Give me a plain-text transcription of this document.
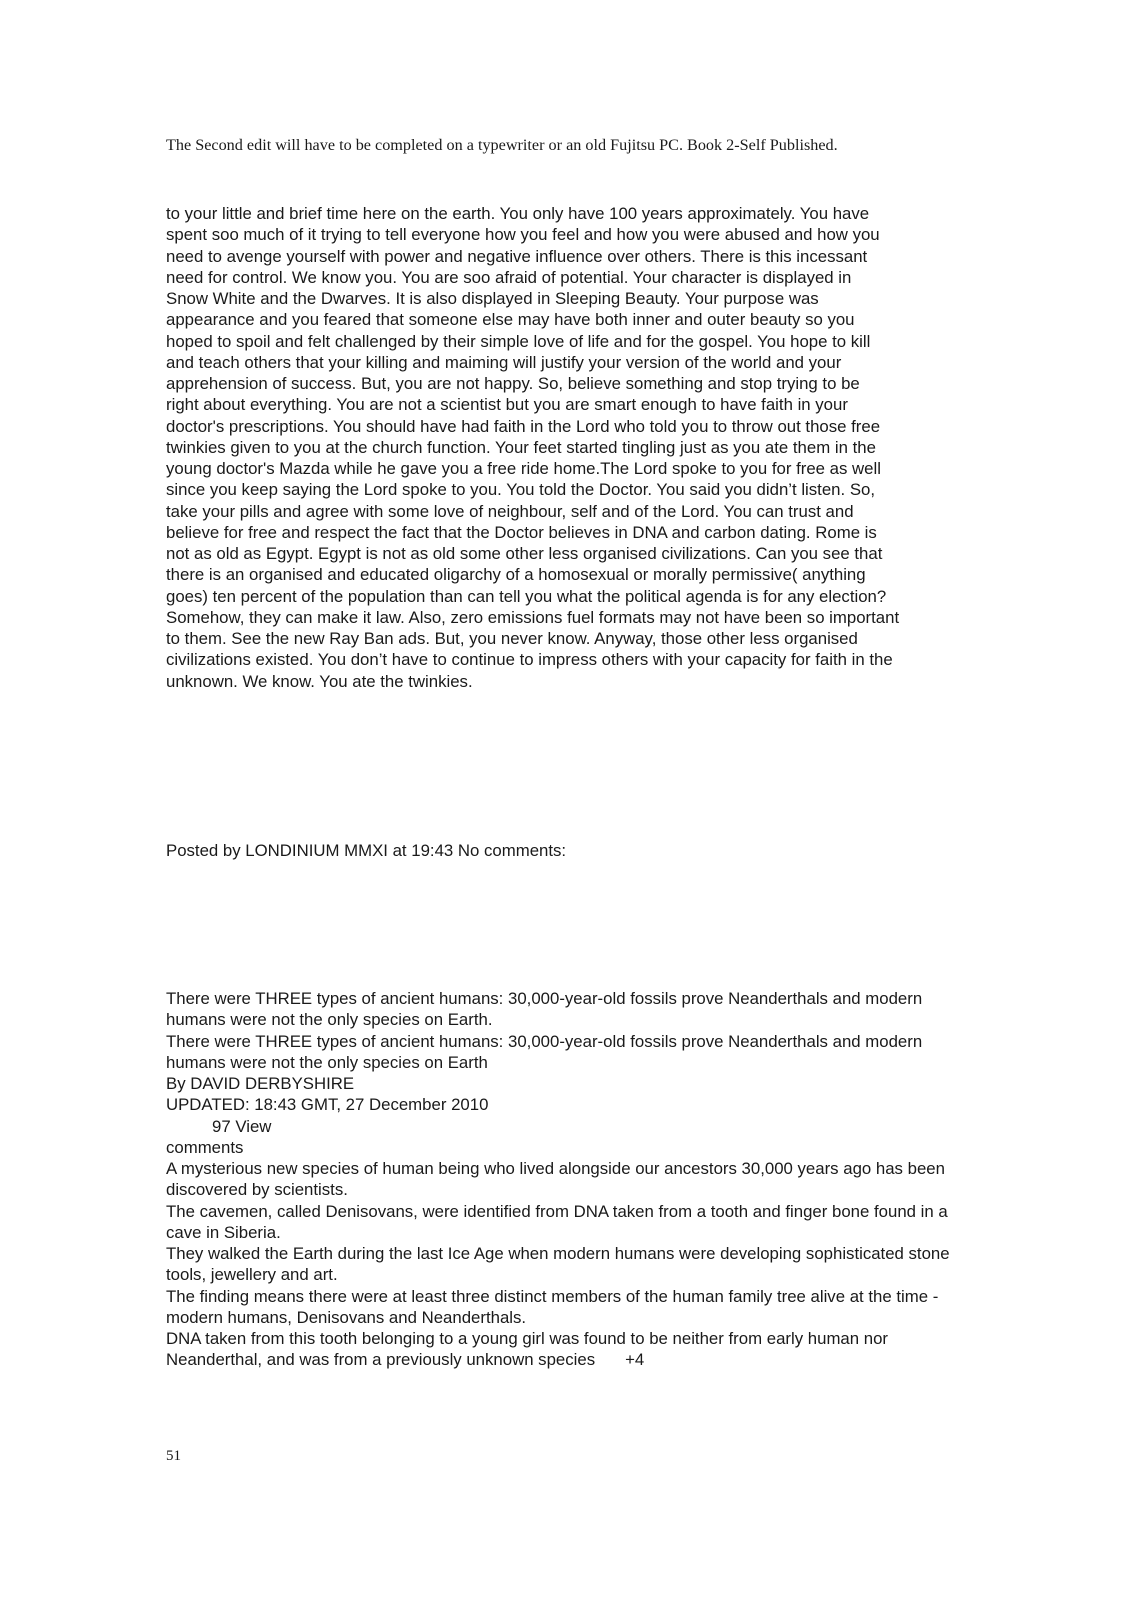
The Second edit will have to be completed on a typewriter or an old Fujitsu PC. Book 2-Self Published.

to your little and brief time here on the earth. You only have 100 years approximately. You have
spent soo much of it trying to tell everyone how you feel and how you were abused and how you
need to avenge yourself with power and negative influence over others. There is this incessant
need for control. We know you. You are soo afraid of potential. Your character is displayed in
Snow White and the Dwarves. It is also displayed in Sleeping Beauty. Your purpose was
appearance and you feared that someone else may have both inner and outer beauty so you
hoped to spoil and felt challenged by their simple love of life and for the gospel. You hope to kill
and teach others that your killing and maiming will justify your version of the world and your
apprehension of success. But, you are not happy. So, believe something and stop trying to be
right about everything. You are not a scientist but you are smart enough to have faith in your
doctor's prescriptions. You should have had faith in the Lord who told you to throw out those free
twinkies given to you at the church function. Your feet started tingling just as you ate them in the
young doctor's Mazda while he gave you a free ride home.The Lord spoke to you for free as well
since you keep saying the Lord spoke to you. You told the Doctor. You said you didn’t listen. So,
take your pills and agree with some love of neighbour, self and of the Lord. You can trust and
believe for free and respect the fact that the Doctor believes in DNA and carbon dating. Rome is
not as old as Egypt. Egypt is not as old some other less organised civilizations. Can you see that
there is an organised and educated oligarchy of a homosexual or morally permissive( anything
goes) ten percent of the population than can tell you what the political agenda is for any election?
Somehow, they can make it law. Also, zero emissions fuel formats may not have been so important
to them. See the new Ray Ban ads. But, you never know. Anyway, those other less organised
civilizations existed. You don’t have to continue to impress others with your capacity for faith in the
unknown. We know. You ate the twinkies.

Posted by LONDINIUM MMXI at 19:43 No comments:

There were THREE types of ancient humans: 30,000-year-old fossils prove Neanderthals and modern humans were not the only species on Earth.
There were THREE types of ancient humans: 30,000-year-old fossils prove Neanderthals and modern humans were not the only species on Earth
By DAVID DERBYSHIRE
UPDATED: 18:43 GMT, 27 December 2010
97 View
comments
A mysterious new species of human being who lived alongside our ancestors 30,000 years ago has been discovered by scientists.
The cavemen, called Denisovans, were identified from DNA taken from a tooth and finger bone found in a cave in Siberia.
They walked the Earth during the last Ice Age when modern humans were developing sophisticated stone tools, jewellery and art.
The finding means there were at least three distinct members of the human family tree alive at the time - modern humans, Denisovans and Neanderthals.
DNA taken from this tooth belonging to a young girl was found to be neither from early human nor Neanderthal, and was from a previously unknown species +4

51
